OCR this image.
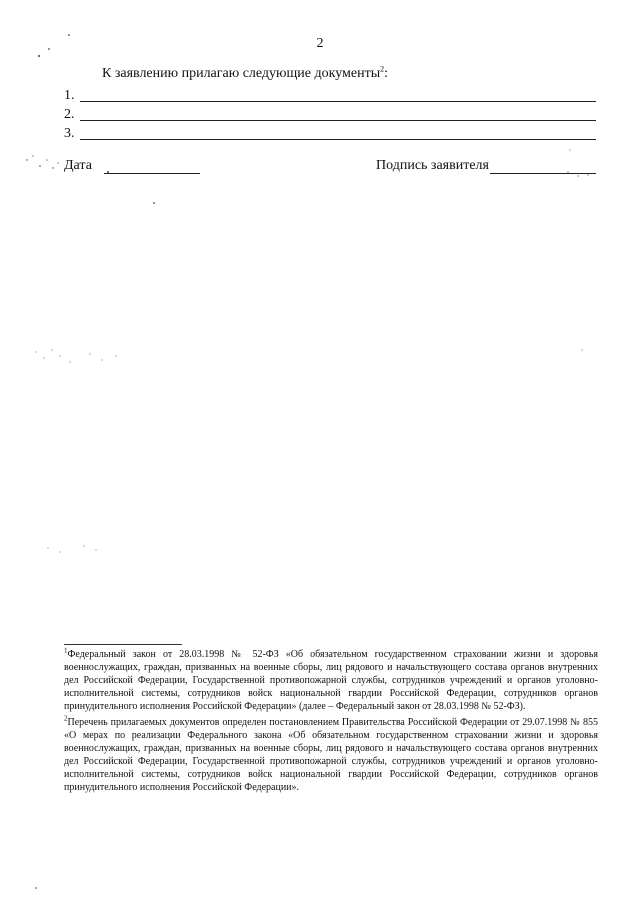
2
К заявлению прилагаю следующие документы$^2$:
1.
2.
3.
Дата	Подпись заявителя

$^1$Федеральный закон от 28.03.1998 № 52-ФЗ «Об обязательном государственном страховании жизни и здоровья военнослужащих, граждан, призванных на военные сборы, лиц рядового и начальствующего состава органов внутренних дел Российской Федерации, Государственной противопожарной службы, сотрудников учреждений и органов уголовно-исполнительной системы, сотрудников войск национальной гвардии Российской Федерации, сотрудников органов принудительного исполнения Российской Федерации» (далее – Федеральный закон от 28.03.1998 № 52-ФЗ).

$^2$Перечень прилагаемых документов определен постановлением Правительства Российской Федерации от 29.07.1998 № 855 «О мерах по реализации Федерального закона «Об обязательном государственном страховании жизни и здоровья военнослужащих, граждан, призванных на военные сборы, лиц рядового и начальствующего состава органов внутренних дел Российской Федерации, Государственной противопожарной службы, сотрудников учреждений и органов уголовно-исполнительной системы, сотрудников войск национальной гвардии Российской Федерации, сотрудников органов принудительного исполнения Российской Федерации».
